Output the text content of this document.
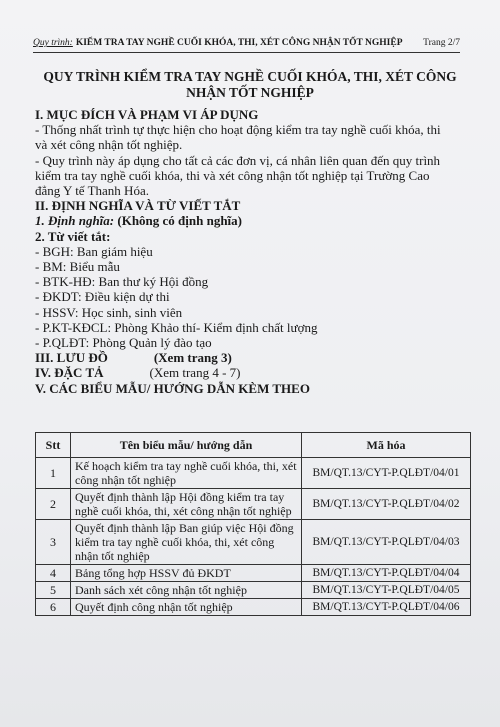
Quy trình: KIỂM TRA TAY NGHỀ CUỐI KHÓA, THI, XÉT CÔNG NHẬN TỐT NGHIỆP Trang 2/7
QUY TRÌNH KIỂM TRA TAY NGHỀ CUỐI KHÓA, THI, XÉT CÔNG
NHẬN TỐT NGHIỆP
I. MỤC ĐÍCH VÀ PHẠM VI ÁP DỤNG
- Thống nhất trình tự thực hiện cho hoạt động kiểm tra tay nghề cuối khóa, thi
và xét công nhận tốt nghiệp.
- Quy trình này áp dụng cho tất cả các đơn vị, cá nhân liên quan đến quy trình
kiểm tra tay nghề cuối khóa, thi và xét công nhận tốt nghiệp tại Trường Cao
đẳng Y tế Thanh Hóa.
II. ĐỊNH NGHĨA VÀ TỪ VIẾT TẮT
1. Định nghĩa: (Không có định nghĩa)
2. Từ viết tắt:
- BGH: Ban giám hiệu
- BM: Biểu mẫu
- BTK-HĐ: Ban thư ký Hội đồng
- ĐKDT: Điều kiện dự thi
- HSSV: Học sinh, sinh viên
- P.KT-KĐCL: Phòng Khảo thí- Kiểm định chất lượng
- P.QLĐT: Phòng Quản lý đào tạo
III. LƯU ĐỒ	(Xem trang 3)
IV. ĐẶC TẢ	(Xem trang 4 - 7)
V. CÁC BIỂU MẪU/ HƯỚNG DẪN KÈM THEO
Stt	Tên biểu mẫu/ hướng dẫn	Mã hóa
1	Kế hoạch kiểm tra tay nghề cuối khóa, thi, xét công nhận tốt nghiệp	BM/QT.13/CYT-P.QLĐT/04/01
2	Quyết định thành lập Hội đồng kiểm tra tay nghề cuối khóa, thi, xét công nhận tốt nghiệp	BM/QT.13/CYT-P.QLĐT/04/02
3	Quyết định thành lập Ban giúp việc Hội đồng kiểm tra tay nghề cuối khóa, thi, xét công nhận tốt nghiệp	BM/QT.13/CYT-P.QLĐT/04/03
4	Bảng tổng hợp HSSV đủ ĐKDT	BM/QT.13/CYT-P.QLĐT/04/04
5	Danh sách xét công nhận tốt nghiệp	BM/QT.13/CYT-P.QLĐT/04/05
6	Quyết định công nhận tốt nghiệp	BM/QT.13/CYT-P.QLĐT/04/06
